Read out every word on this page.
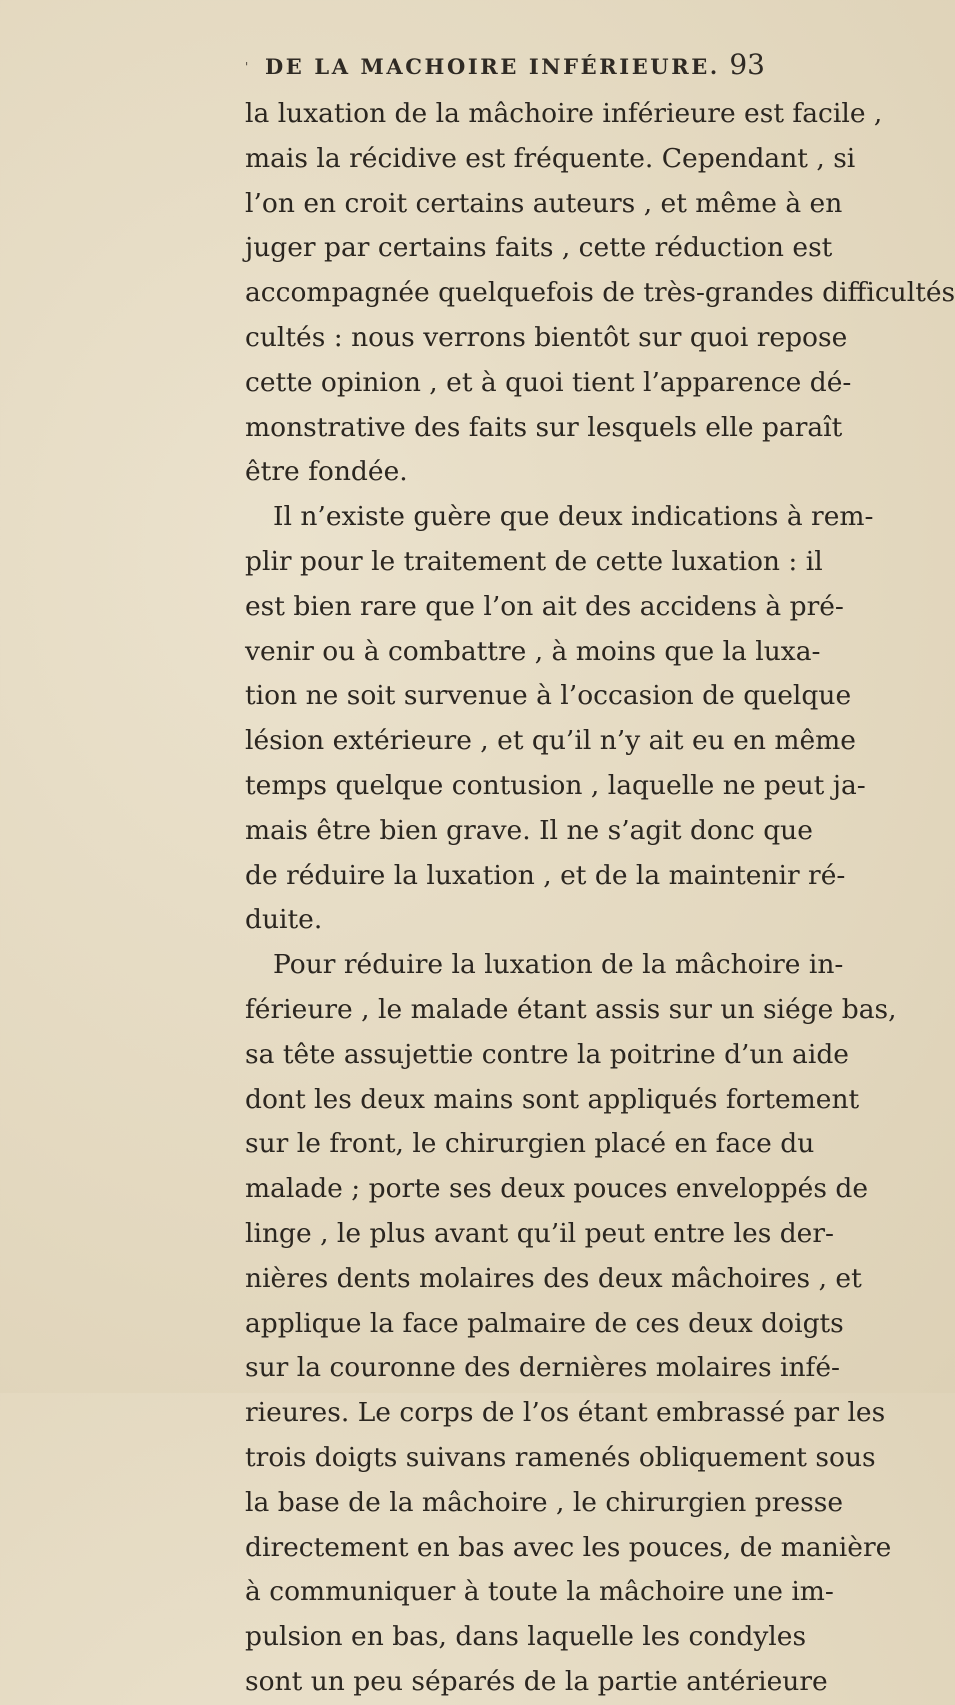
' DE LA MACHOIRE INFÉRIEURE. 93
la luxation de la mâchoire inférieure est facile ,
mais la récidive est fréquente. Cependant , si
l’on en croit certains auteurs , et même à en
juger par certains faits , cette réduction est
accompagnée quelquefois de très-grandes difficultés
cultés : nous verrons bientôt sur quoi repose
cette opinion , et à quoi tient l’apparence dé-
monstrative des faits sur lesquels elle paraît
être fondée.
Il n’existe guère que deux indications à rem-
plir pour le traitement de cette luxation : il
est bien rare que l’on ait des accidens à pré-
venir ou à combattre , à moins que la luxa-
tion ne soit survenue à l’occasion de quelque
lésion extérieure , et qu’il n’y ait eu en même
temps quelque contusion , laquelle ne peut ja-
mais être bien grave. Il ne s’agit donc que
de réduire la luxation , et de la maintenir ré-
duite.
Pour réduire la luxation de la mâchoire in-
férieure , le malade étant assis sur un siége bas,
sa tête assujettie contre la poitrine d’un aide
dont les deux mains sont appliqués fortement
sur le front, le chirurgien placé en face du
malade ; porte ses deux pouces enveloppés de
linge , le plus avant qu’il peut entre les der-
nières dents molaires des deux mâchoires , et
applique la face palmaire de ces deux doigts
sur la couronne des dernières molaires infé-
rieures. Le corps de l’os étant embrassé par les
trois doigts suivans ramenés obliquement sous
la base de la mâchoire , le chirurgien presse
directement en bas avec les pouces, de manière
à communiquer à toute la mâchoire une im-
pulsion en bas, dans laquelle les condyles
sont un peu séparés de la partie antérieure
